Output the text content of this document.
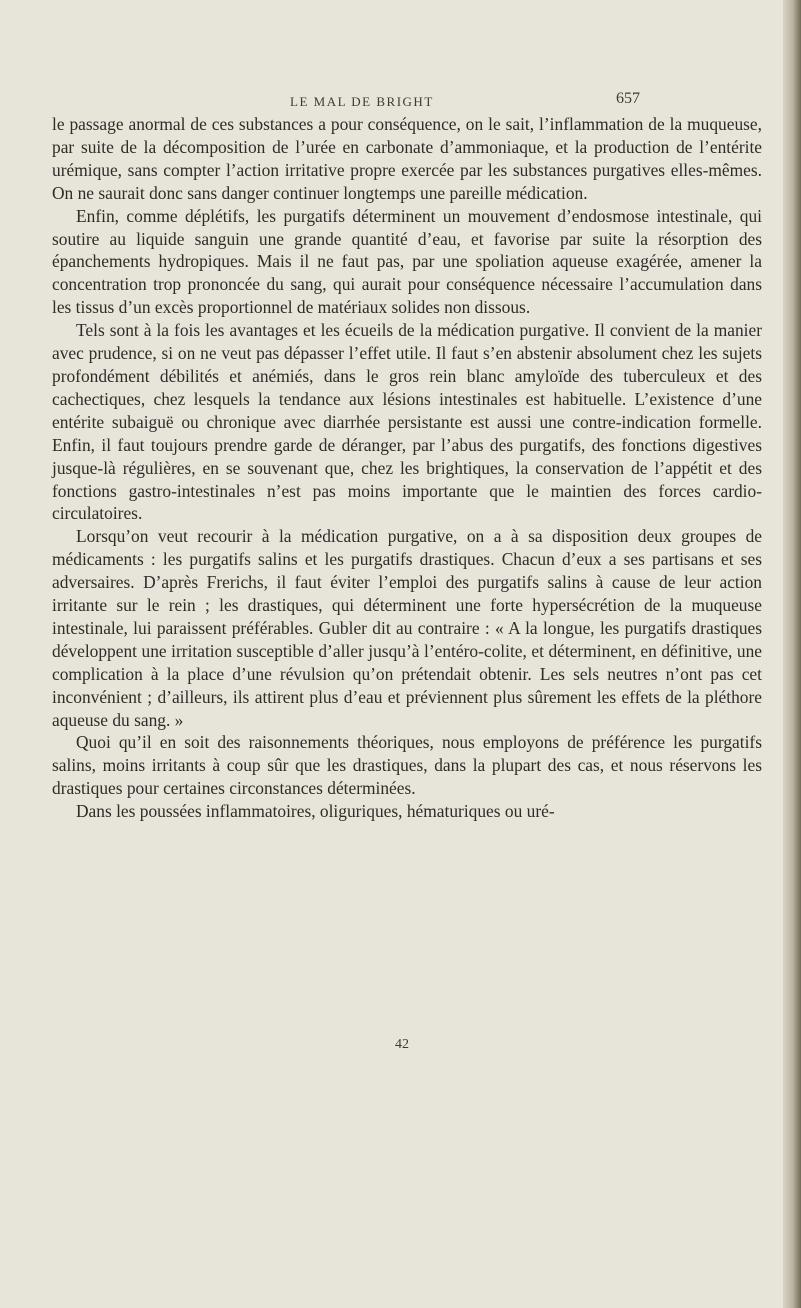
LE MAL DE BRIGHT	657

le passage anormal de ces substances a pour conséquence, on le sait, l’inflammation de la muqueuse, par suite de la décomposition de l’urée en carbonate d’ammoniaque, et la production de l’entérite urémique, sans compter l’action irritative propre exercée par les substances purgatives elles-mêmes. On ne saurait donc sans danger continuer longtemps une pareille médication.

Enfin, comme déplétifs, les purgatifs déterminent un mouvement d’endosmose intestinale, qui soutire au liquide sanguin une grande quantité d’eau, et favorise par suite la résorption des épanchements hydropiques. Mais il ne faut pas, par une spoliation aqueuse exagérée, amener la concentration trop prononcée du sang, qui aurait pour conséquence nécessaire l’accumulation dans les tissus d’un excès proportionnel de matériaux solides non dissous.

Tels sont à la fois les avantages et les écueils de la médication purgative. Il convient de la manier avec prudence, si on ne veut pas dépasser l’effet utile. Il faut s’en abstenir absolument chez les sujets profondément débilités et anémiés, dans le gros rein blanc amyloïde des tuberculeux et des cachectiques, chez lesquels la tendance aux lésions intestinales est habituelle. L’existence d’une entérite subaiguë ou chronique avec diarrhée persistante est aussi une contre-indication formelle. Enfin, il faut toujours prendre garde de déranger, par l’abus des purgatifs, des fonctions digestives jusque-là régulières, en se souvenant que, chez les brightiques, la conservation de l’appétit et des fonctions gastro-intestinales n’est pas moins importante que le maintien des forces cardio-circulatoires.

Lorsqu’on veut recourir à la médication purgative, on a à sa disposition deux groupes de médicaments : les purgatifs salins et les purgatifs drastiques. Chacun d’eux a ses partisans et ses adversaires. D’après Frerichs, il faut éviter l’emploi des purgatifs salins à cause de leur action irritante sur le rein ; les drastiques, qui déterminent une forte hypersécrétion de la muqueuse intestinale, lui paraissent préférables. Gubler dit au contraire : « A la longue, les purgatifs drastiques développent une irritation susceptible d’aller jusqu’à l’entéro-colite, et déterminent, en définitive, une complication à la place d’une révulsion qu’on prétendait obtenir. Les sels neutres n’ont pas cet inconvénient ; d’ailleurs, ils attirent plus d’eau et préviennent plus sûrement les effets de la pléthore aqueuse du sang. »

Quoi qu’il en soit des raisonnements théoriques, nous employons de préférence les purgatifs salins, moins irritants à coup sûr que les drastiques, dans la plupart des cas, et nous réservons les drastiques pour certaines circonstances déterminées.

Dans les poussées inflammatoires, oliguriques, hématuriques ou uré-

42
